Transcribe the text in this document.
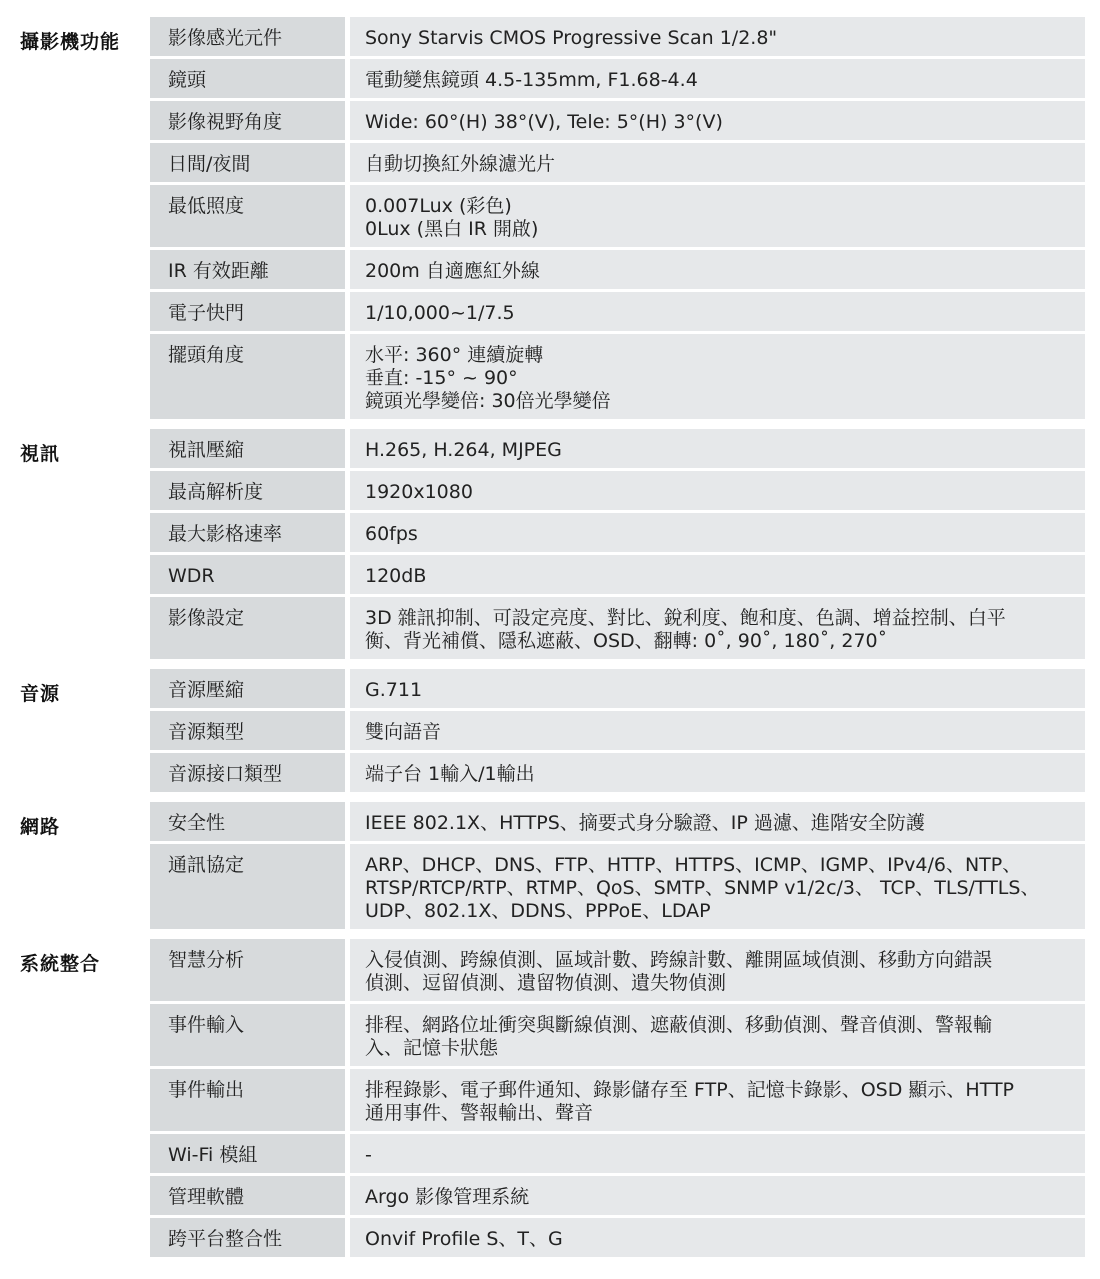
攝影機功能	影像感光元件	Sony Starvis CMOS Progressive Scan 1/2.8"
鏡頭	電動變焦鏡頭 4.5-135mm, F1.68-4.4
影像視野角度	Wide: 60°(H) 38°(V), Tele: 5°(H) 3°(V)
日間/夜間	自動切換紅外線濾光片
最低照度	0.007Lux (彩色)
0Lux (黑白 IR 開啟)
IR 有效距離	200m 自適應紅外線
電子快門	1/10,000~1/7.5
擺頭角度	水平: 360° 連續旋轉
垂直: -15° ~ 90°
鏡頭光學變倍: 30倍光學變倍
視訊	視訊壓縮	H.265, H.264, MJPEG
最高解析度	1920x1080
最大影格速率	60fps
WDR	120dB
影像設定	3D 雜訊抑制、可設定亮度、對比、銳利度、飽和度、色調、增益控制、白平
衡、背光補償、隱私遮蔽、OSD、翻轉: 0˚, 90˚, 180˚, 270˚
音源	音源壓縮	G.711
音源類型	雙向語音
音源接口類型	端子台 1輸入/1輸出
網路	安全性	IEEE 802.1X、HTTPS、摘要式身分驗證、IP 過濾、進階安全防護
通訊協定	ARP、DHCP、DNS、FTP、HTTP、HTTPS、ICMP、IGMP、IPv4/6、NTP、
RTSP/RTCP/RTP、RTMP、QoS、SMTP、SNMP v1/2c/3、 TCP、TLS/TTLS、
UDP、802.1X、DDNS、PPPoE、LDAP
系統整合	智慧分析	入侵偵測、跨線偵測、區域計數、跨線計數、離開區域偵測、移動方向錯誤
偵測、逗留偵測、遺留物偵測、遺失物偵測
事件輸入	排程、網路位址衝突與斷線偵測、遮蔽偵測、移動偵測、聲音偵測、警報輸
入、記憶卡狀態
事件輸出	排程錄影、電子郵件通知、錄影儲存至 FTP、記憶卡錄影、OSD 顯示、HTTP
通用事件、警報輸出、聲音
Wi-Fi 模組	-
管理軟體	Argo 影像管理系統
跨平台整合性	Onvif Profile S、T、G
